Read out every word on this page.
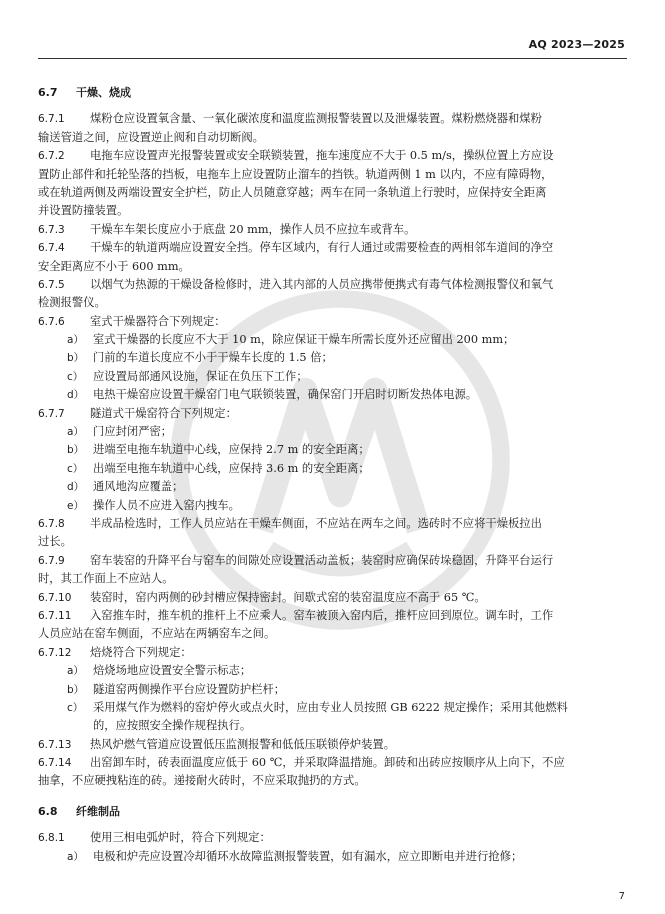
AQ 2023—2025
6.7 干燥、烧成
6.7.1 煤粉仓应设置氧含量、一氧化碳浓度和温度监测报警装置以及泄爆装置。煤粉燃烧器和煤粉
输送管道之间，应设置逆止阀和自动切断阀。
6.7.2 电拖车应设置声光报警装置或安全联锁装置，拖车速度应不大于 0.5 m/s，操纵位置上方应设
置防止部件和托轮坠落的挡板，电拖车上应设置防止溜车的挡铁。轨道两侧 1 m 以内，不应有障碍物，
或在轨道两侧及两端设置安全护栏，防止人员随意穿越；两车在同一条轨道上行驶时，应保持安全距离
并设置防撞装置。
6.7.3 干燥车车架长度应小于底盘 20 mm，操作人员不应拉车或背车。
6.7.4 干燥车的轨道两端应设置安全挡。停车区域内，有行人通过或需要检查的两相邻车道间的净空
安全距离应不小于 600 mm。
6.7.5 以烟气为热源的干燥设备检修时，进入其内部的人员应携带便携式有毒气体检测报警仪和氧气
检测报警仪。
6.7.6 室式干燥器符合下列规定：
a） 室式干燥器的长度应不大于 10 m，除应保证干燥车所需长度外还应留出 200 mm；
b） 门前的车道长度应不小于干燥车长度的 1.5 倍；
c） 应设置局部通风设施，保证在负压下工作；
d） 电热干燥窑应设置干燥窑门电气联锁装置，确保窑门开启时切断发热体电源。
6.7.7 隧道式干燥窑符合下列规定：
a） 门应封闭严密；
b） 进端至电拖车轨道中心线，应保持 2.7 m 的安全距离；
c） 出端至电拖车轨道中心线，应保持 3.6 m 的安全距离；
d） 通风地沟应覆盖；
e） 操作人员不应进入窑内拽车。
6.7.8 半成品检选时，工作人员应站在干燥车侧面，不应站在两车之间。选砖时不应将干燥板拉出
过长。
6.7.9 窑车装窑的升降平台与窑车的间隙处应设置活动盖板；装窑时应确保砖垛稳固，升降平台运行
时，其工作面上不应站人。
6.7.10 装窑时，窑内两侧的砂封槽应保持密封。间歇式窑的装窑温度应不高于 65 ℃。
6.7.11 入窑推车时，推车机的推杆上不应乘人。窑车被顶入窑内后，推杆应回到原位。调车时，工作
人员应站在窑车侧面，不应站在两辆窑车之间。
6.7.12 焙烧符合下列规定：
a） 焙烧场地应设置安全警示标志；
b） 隧道窑两侧操作平台应设置防护栏杆；
c） 采用煤气作为燃料的窑炉停火或点火时，应由专业人员按照 GB 6222 规定操作；采用其他燃料
的，应按照安全操作规程执行。
6.7.13 热风炉燃气管道应设置低压监测报警和低低压联锁停炉装置。
6.7.14 出窑卸车时，砖表面温度应低于 60 ℃，并采取降温措施。卸砖和出砖应按顺序从上向下，不应
抽拿，不应硬拽粘连的砖。递接耐火砖时，不应采取抛扔的方式。
6.8 纤维制品
6.8.1 使用三相电弧炉时，符合下列规定：
a） 电极和炉壳应设置冷却循环水故障监测报警装置，如有漏水，应立即断电并进行抢修；
7
